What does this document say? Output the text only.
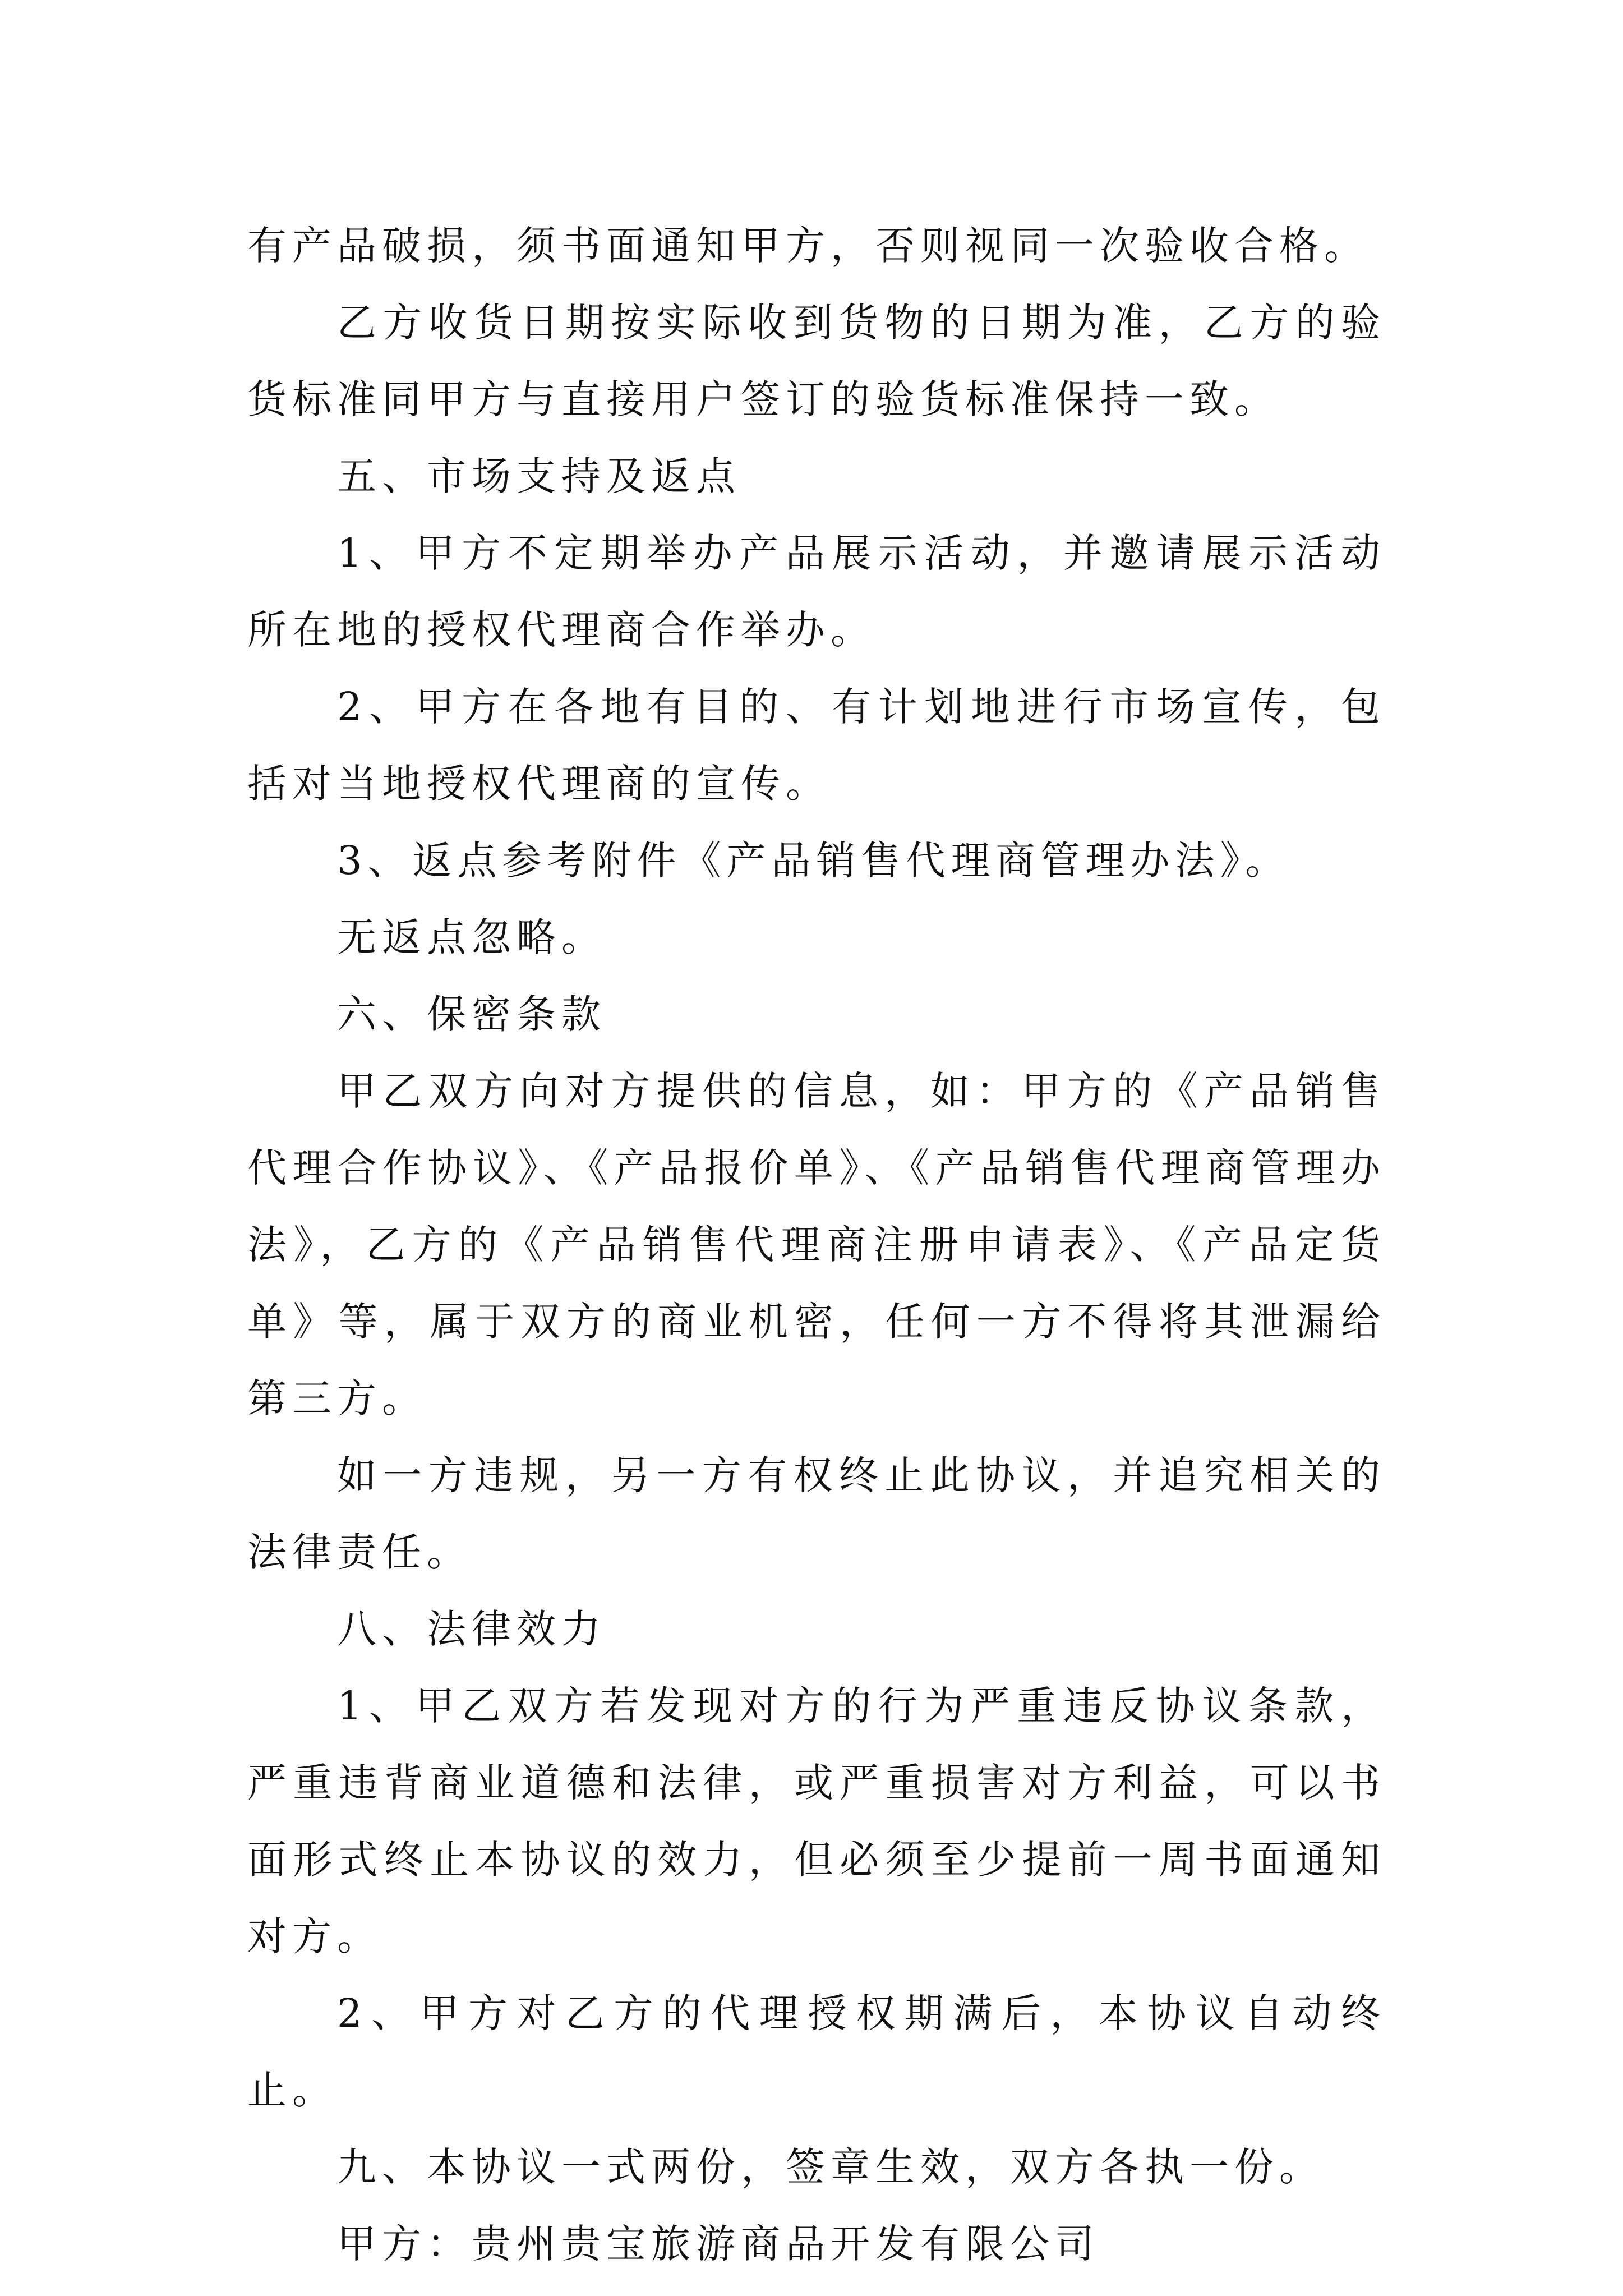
有产品破损，须书面通知甲方，否则视同一次验收合格。

乙方收货日期按实际收到货物的日期为准，乙方的验货标准同甲方与直接用户签订的验货标准保持一致。

五、市场支持及返点

1、甲方不定期举办产品展示活动，并邀请展示活动所在地的授权代理商合作举办。

2、甲方在各地有目的、有计划地进行市场宣传，包括对当地授权代理商的宣传。

3、返点参考附件《产品销售代理商管理办法》。

无返点忽略。

六、保密条款

甲乙双方向对方提供的信息，如：甲方的《产品销售代理合作协议》、《产品报价单》、《产品销售代理商管理办法》，乙方的《产品销售代理商注册申请表》、《产品定货单》等，属于双方的商业机密，任何一方不得将其泄漏给第三方。

如一方违规，另一方有权终止此协议，并追究相关的法律责任。

八、法律效力

1、甲乙双方若发现对方的行为严重违反协议条款，严重违背商业道德和法律，或严重损害对方利益，可以书面形式终止本协议的效力，但必须至少提前一周书面通知对方。

2、甲方对乙方的代理授权期满后，本协议自动终止。

九、本协议一式两份，签章生效，双方各执一份。

甲方：贵州贵宝旅游商品开发有限公司
